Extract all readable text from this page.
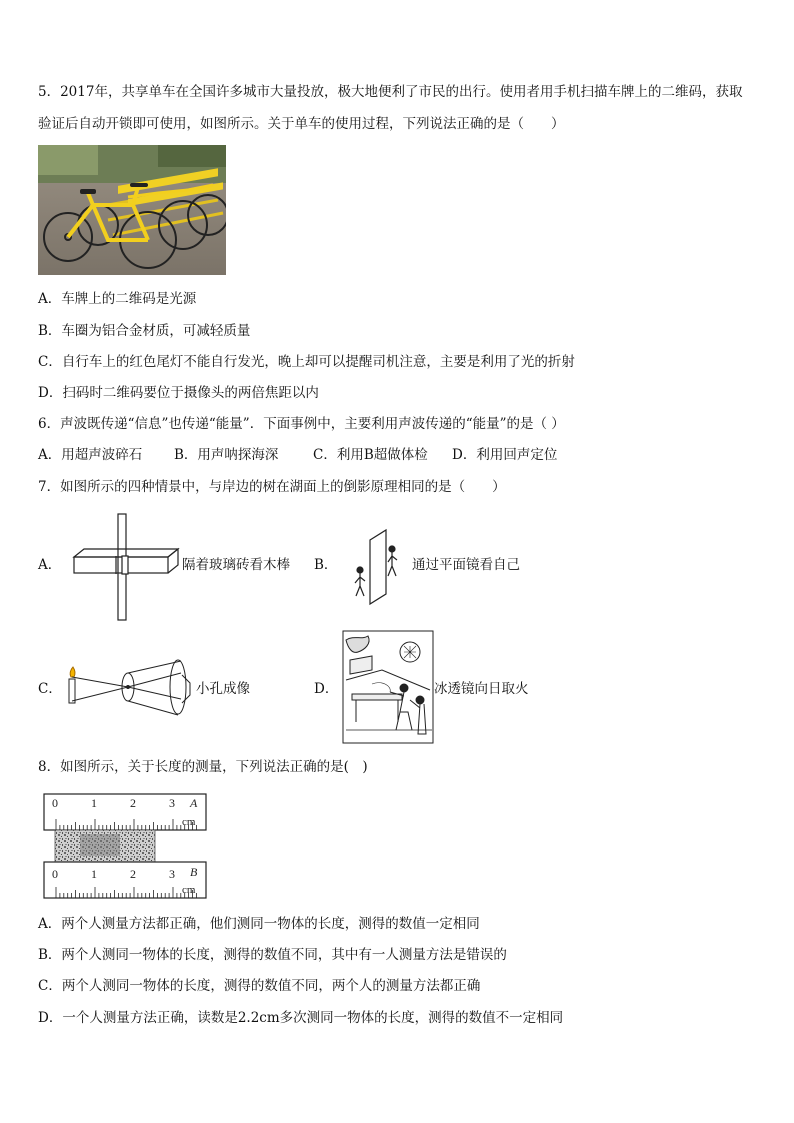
5．2017年，共享单车在全国许多城市大量投放，极大地便利了市民的出行。使用者用手机扫描车牌上的二维码，获取
验证后自动开锁即可使用，如图所示。关于单车的使用过程，下列说法正确的是（　　）
A．车牌上的二维码是光源
B．车圈为铝合金材质，可减轻质量
C．自行车上的红色尾灯不能自行发光，晚上却可以提醒司机注意，主要是利用了光的折射
D．扫码时二维码要位于摄像头的两倍焦距以内
6．声波既传递“信息”也传递“能量”．下面事例中，主要利用声波传递的“能量”的是（ ）
A．用超声波碎石 B．用声呐探海深	C．利用B超做体检 D．利用回声定位
7．如图所示的四种情景中，与岸边的树在湖面上的倒影原理相同的是（　　）
A．	隔着玻璃砖看木棒 B．	通过平面镜看自己
C．	小孔成像	D．	冰透镜向日取火
8．如图所示，关于长度的测量，下列说法正确的是(　)
0	1	2	3 A
cm
0	1	2	3 B
cm
A．两个人测量方法都正确，他们测同一物体的长度，测得的数值一定相同
B．两个人测同一物体的长度，测得的数值不同，其中有一人测量方法是错误的
C．两个人测同一物体的长度，测得的数值不同，两个人的测量方法都正确
D．一个人测量方法正确，读数是2.2cm多次测同一物体的长度，测得的数值不一定相同
